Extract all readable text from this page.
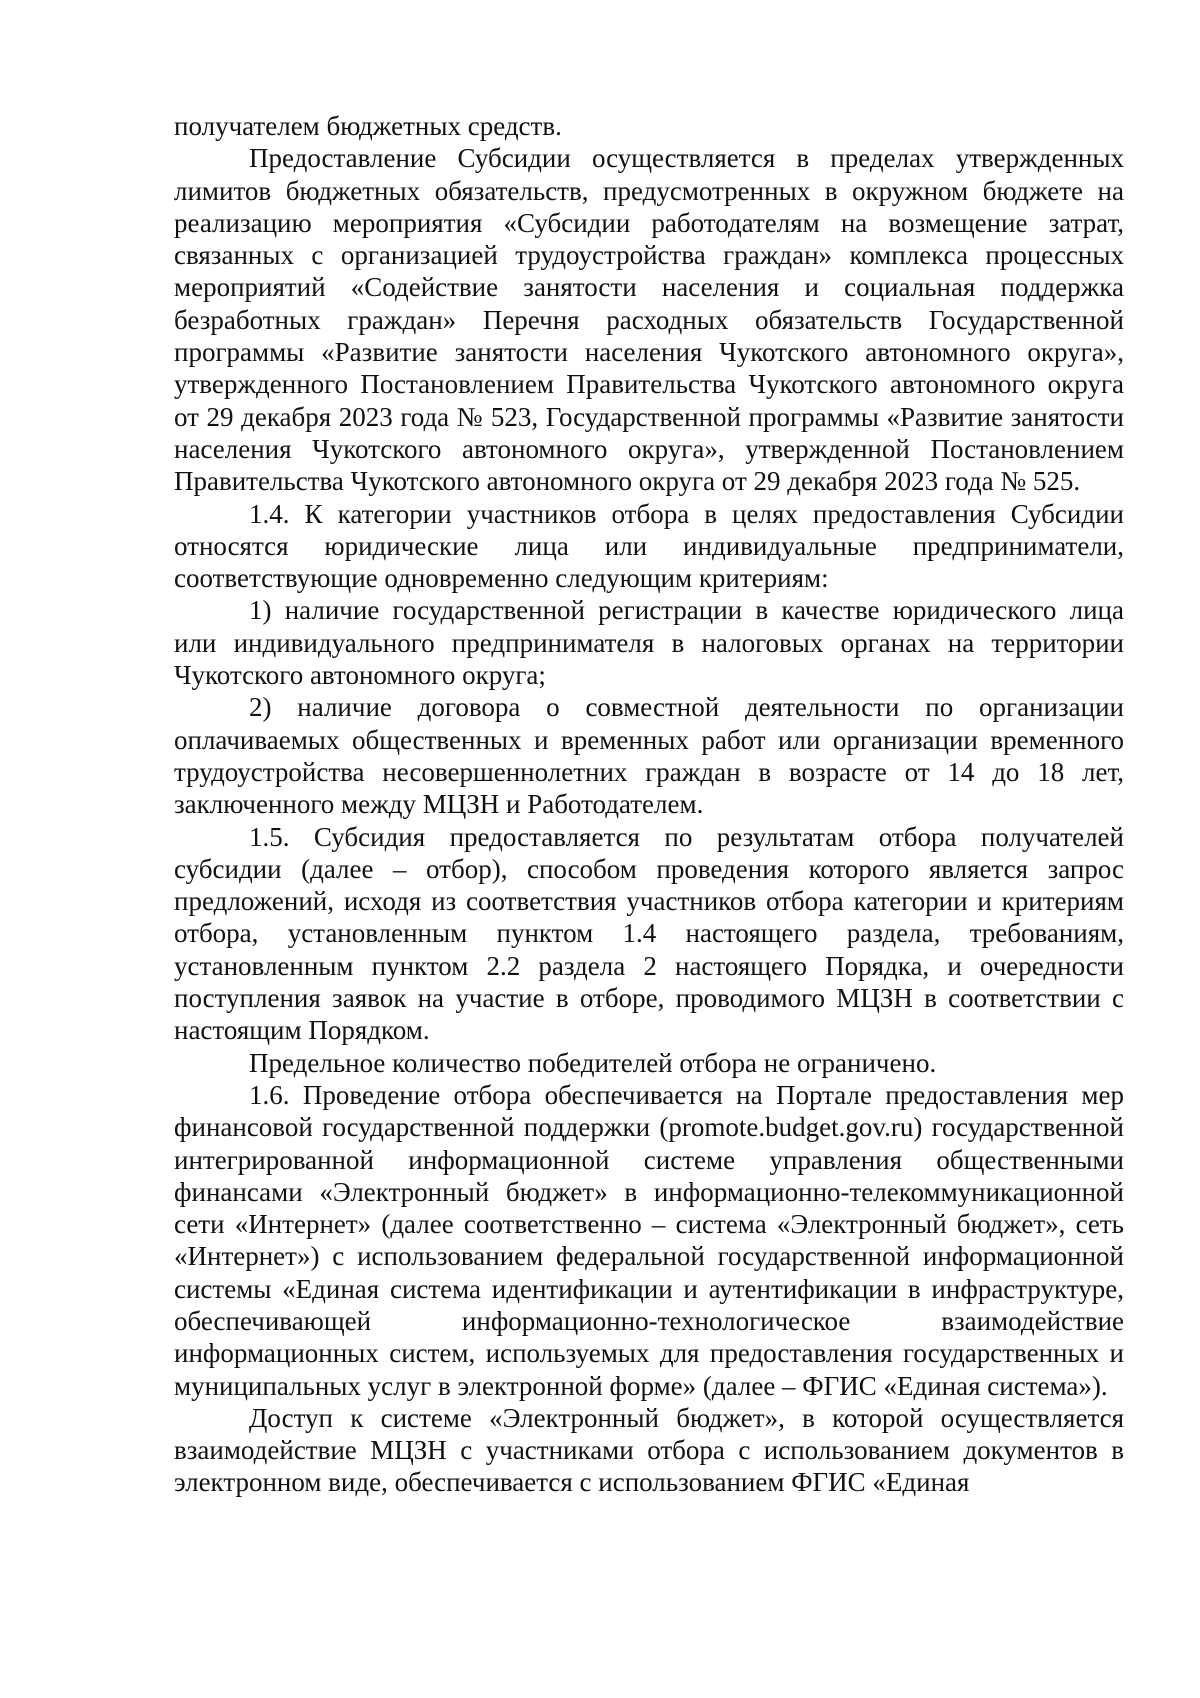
получателем бюджетных средств.

Предоставление Субсидии осуществляется в пределах утвержденных лимитов бюджетных обязательств, предусмотренных в окружном бюджете на реализацию мероприятия «Субсидии работодателям на возмещение затрат, связанных с организацией трудоустройства граждан» комплекса процессных мероприятий «Содействие занятости населения и социальная поддержка безработных граждан» Перечня расходных обязательств Государственной программы «Развитие занятости населения Чукотского автономного округа», утвержденного Постановлением Правительства Чукотского автономного округа от 29 декабря 2023 года № 523, Государственной программы «Развитие занятости населения Чукотского автономного округа», утвержденной Постановлением Правительства Чукотского автономного округа от 29 декабря 2023 года № 525.

1.4. К категории участников отбора в целях предоставления Субсидии относятся юридические лица или индивидуальные предприниматели, соответствующие одновременно следующим критериям:

1) наличие государственной регистрации в качестве юридического лица или индивидуального предпринимателя в налоговых органах на территории Чукотского автономного округа;

2) наличие договора о совместной деятельности по организации оплачиваемых общественных и временных работ или организации временного трудоустройства несовершеннолетних граждан в возрасте от 14 до 18 лет, заключенного между МЦЗН и Работодателем.

1.5. Субсидия предоставляется по результатам отбора получателей субсидии (далее – отбор), способом проведения которого является запрос предложений, исходя из соответствия участников отбора категории и критериям отбора, установленным пунктом 1.4 настоящего раздела, требованиям, установленным пунктом 2.2 раздела 2 настоящего Порядка, и очередности поступления заявок на участие в отборе, проводимого МЦЗН в соответствии с настоящим Порядком.

Предельное количество победителей отбора не ограничено.

1.6. Проведение отбора обеспечивается на Портале предоставления мер финансовой государственной поддержки (promote.budget.gov.ru) государственной интегрированной информационной системе управления общественными финансами «Электронный бюджет» в информационно-телекоммуникационной сети «Интернет» (далее соответственно – система «Электронный бюджет», сеть «Интернет») с использованием федеральной государственной информационной системы «Единая система идентификации и аутентификации в инфраструктуре, обеспечивающей информационно-технологическое взаимодействие информационных систем, используемых для предоставления государственных и муниципальных услуг в электронной форме» (далее – ФГИС «Единая система»).

Доступ к системе «Электронный бюджет», в которой осуществляется взаимодействие МЦЗН с участниками отбора с использованием документов в электронном виде, обеспечивается с использованием ФГИС «Единая
